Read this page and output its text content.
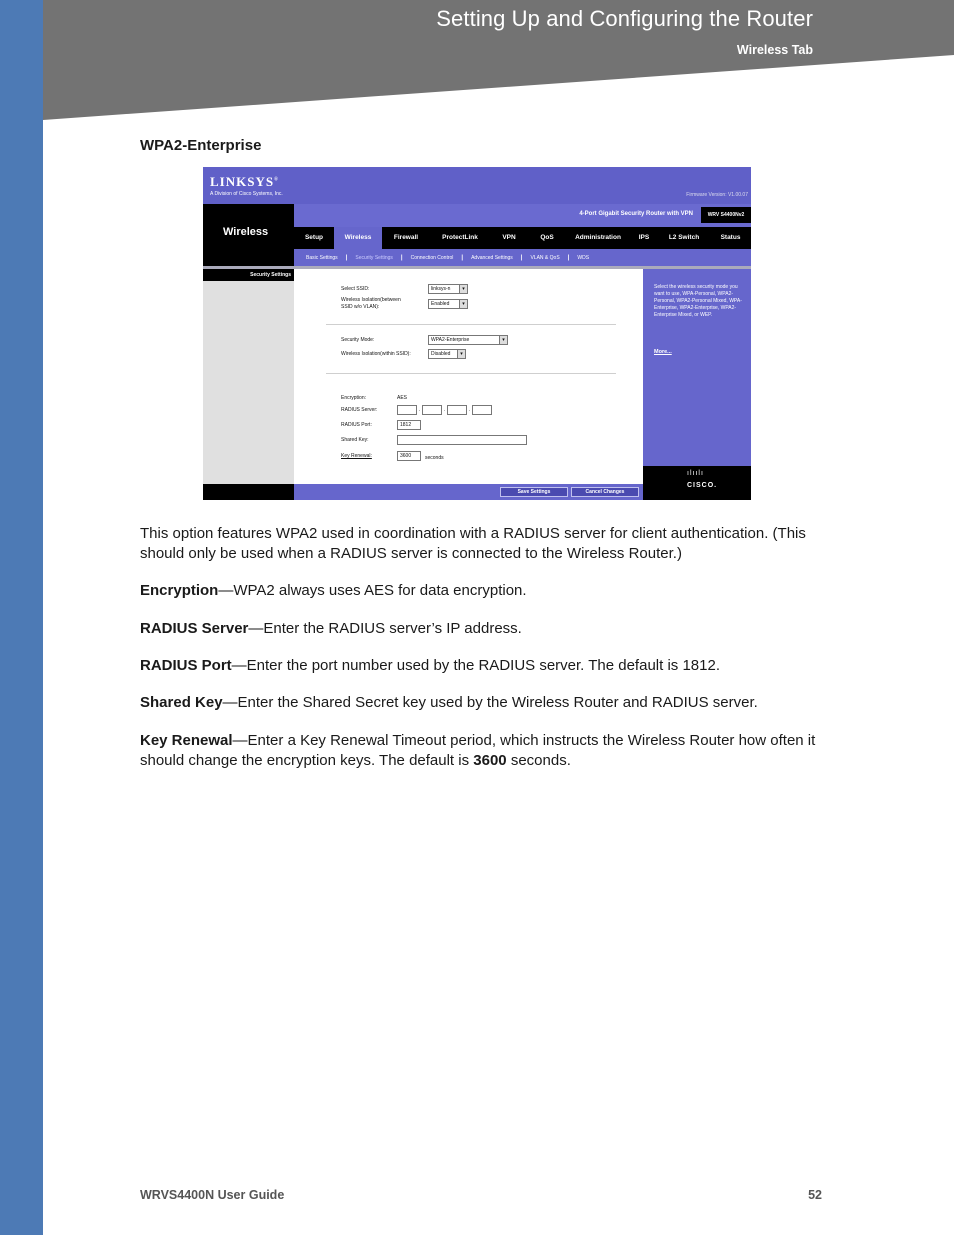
Setting Up and Configuring the Router
Wireless Tab
WPA2-Enterprise
LINKSYS®
A Division of Cisco Systems, Inc.	Firmware Version: V1.00.07
Wireless
4-Port Gigabit Security Router with VPN	WRV S4400Nv2
Setup	Wireless	Firewall	ProtectLink	VPN	QoS	Administration	IPS	L2 Switch	Status
Basic Settings | Security Settings | Connection Control | Advanced Settings | VLAN & QoS | WDS
Security Settings
Select SSID:	linksys-n	▾
Wireless Isolation(between
SSID w/o VLAN):	Enabled	▾
Security Mode:	WPA2-Enterprise	▾
Wireless Isolation(within SSID):	Disabled	▾
Encryption:	AES
RADIUS Server:	.	.	.
RADIUS Port:	1812
Shared Key:
Key Renewal:	3600	seconds
Select the wireless security mode you want to use, WPA-Personal, WPA2-Personal, WPA2-Personal Mixed, WPA-Enterprise, WPA2-Enterprise, WPA2-Enterprise Mixed, or WEP.
More...
ılıılı
CISCO.
Save Settings	Cancel Changes

This option features WPA2 used in coordination with a RADIUS server for client authentication. (This should only be used when a RADIUS server is connected to the Wireless Router.)

Encryption—WPA2 always uses AES for data encryption.

RADIUS Server—Enter the RADIUS server’s IP address.

RADIUS Port—Enter the port number used by the RADIUS server. The default is 1812.

Shared Key—Enter the Shared Secret key used by the Wireless Router and RADIUS server.

Key Renewal—Enter a Key Renewal Timeout period, which instructs the Wireless Router how often it should change the encryption keys. The default is 3600 seconds.

WRVS4400N User Guide	52
